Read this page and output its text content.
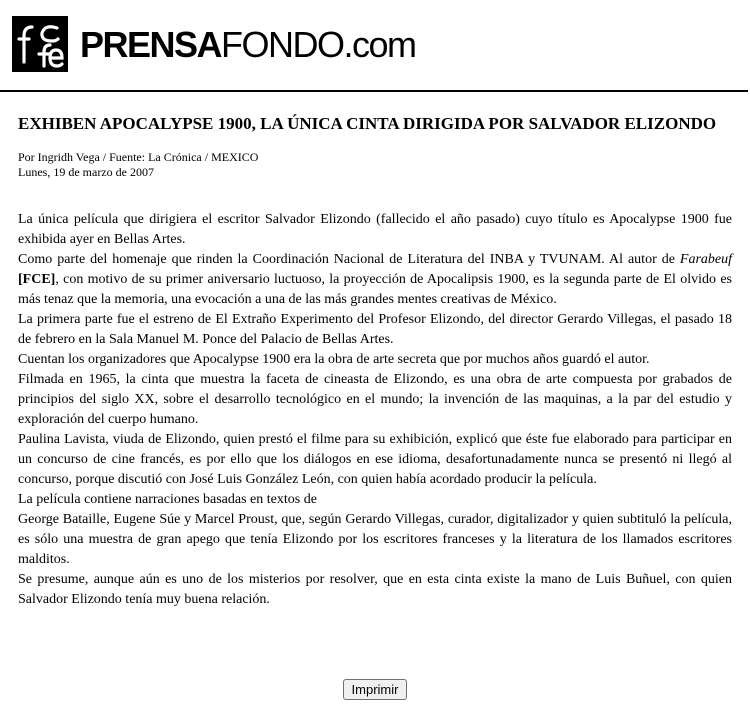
PRENSAFONDO.com
EXHIBEN APOCALYPSE 1900, LA ÚNICA CINTA DIRIGIDA POR SALVADOR ELIZONDO
Por Ingridh Vega / Fuente: La Crónica / MEXICO
Lunes, 19 de marzo de 2007

La única película que dirigiera el escritor Salvador Elizondo (fallecido el año pasado) cuyo título es Apocalypse 1900 fue exhibida ayer en Bellas Artes.

Como parte del homenaje que rinden la Coordinación Nacional de Literatura del INBA y TVUNAM. Al autor de Farabeuf [FCE], con motivo de su primer aniversario luctuoso, la proyección de Apocalipsis 1900, es la segunda parte de El olvido es más tenaz que la memoria, una evocación a una de las más grandes mentes creativas de México.

La primera parte fue el estreno de El Extraño Experimento del Profesor Elizondo, del director Gerardo Villegas, el pasado 18 de febrero en la Sala Manuel M. Ponce del Palacio de Bellas Artes.

Cuentan los organizadores que Apocalypse 1900 era la obra de arte secreta que por muchos años guardó el autor.

Filmada en 1965, la cinta que muestra la faceta de cineasta de Elizondo, es una obra de arte compuesta por grabados de principios del siglo XX, sobre el desarrollo tecnológico en el mundo; la invención de las maquinas, a la par del estudio y exploración del cuerpo humano.

Paulina Lavista, viuda de Elizondo, quien prestó el filme para su exhibición, explicó que éste fue elaborado para participar en un concurso de cine francés, es por ello que los diálogos en ese idioma, desafortunadamente nunca se presentó ni llegó al concurso, porque discutió con José Luis González León, con quien había acordado producir la película.

La película contiene narraciones basadas en textos de

George Bataille, Eugene Súe y Marcel Proust, que, según Gerardo Villegas, curador, digitalizador y quien subtituló la película, es sólo una muestra de gran apego que tenía Elizondo por los escritores franceses y la literatura de los llamados escritores malditos.

Se presume, aunque aún es uno de los misterios por resolver, que en esta cinta existe la mano de Luis Buñuel, con quien Salvador Elizondo tenía muy buena relación.

Imprimir
